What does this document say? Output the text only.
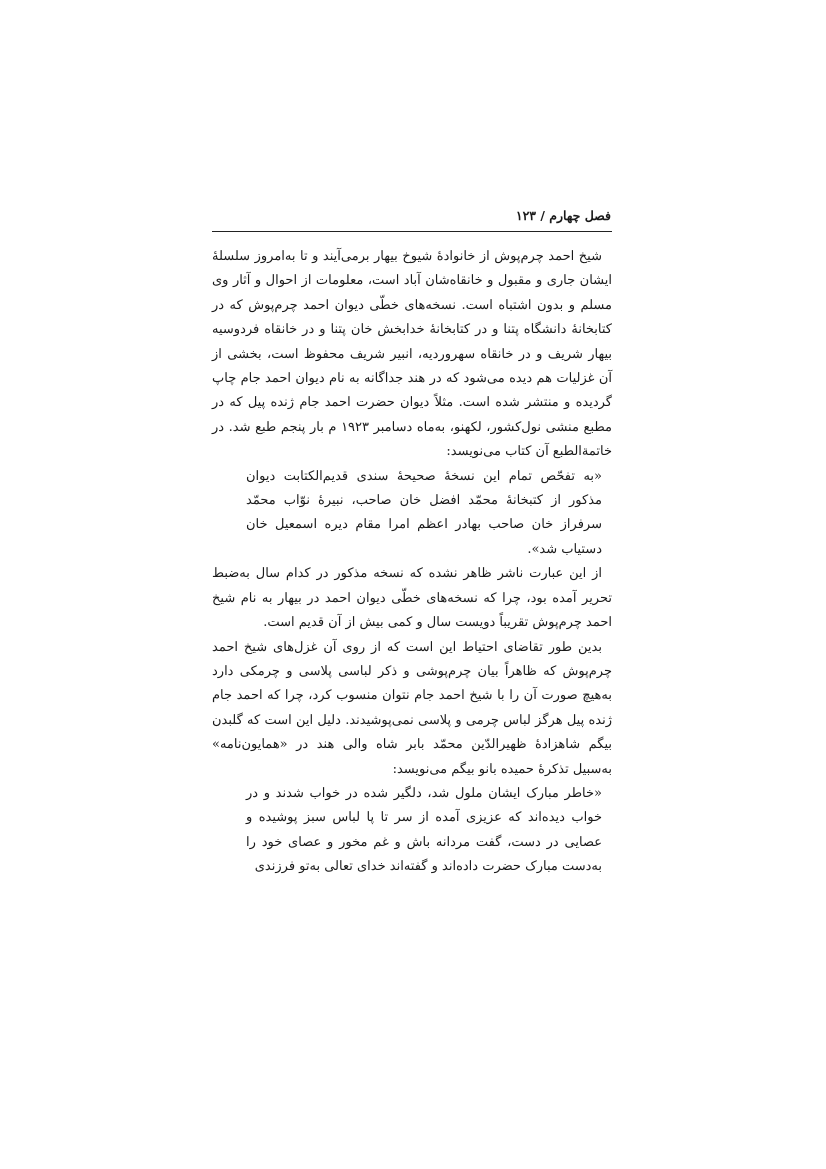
فصل چهارم / ۱۲۳

شیخ احمد چرم‌پوش از خانوادهٔ شیوخ بیهار برمی‌آیند و تا به‌امروز سلسلهٔ ایشان جاری و مقبول و خانقاه‌شان آباد است، معلومات از احوال و آثار وی مسلم و بدون اشتباه است. نسخه‌های خطّی دیوان احمد چرم‌پوش که در کتابخانهٔ دانشگاه پتنا و در کتابخانهٔ خدابخش خان پتنا و در خانقاه فردوسیه بیهار شریف و در خانقاه سهروردیه، انبیر شریف محفوظ است، بخشی از آن غزلیات هم دیده می‌شود که در هند جداگانه به نام دیوان احمد جام چاپ گردیده و منتشر شده است. مثلاً دیوان حضرت احمد جام ژنده پیل که در مطبع منشی نول‌کشور، لکهنو، به‌ماه دسامبر ۱۹۲۳ م بار پنجم طبع شد. در خاتمةالطبع آن کتاب می‌نویسد:

«به تفحّص تمام این نسخهٔ صحیحهٔ سندی قدیم‌الکتابت دیوان مذکور از کتبخانهٔ محمّد افضل خان صاحب، نبیرهٔ نوّاب محمّد سرفراز خان صاحب بهادر اعظم امرا مقام دیره اسمعیل خان دستیاب شد».

از این عبارت ناشر ظاهر نشده که نسخه مذکور در کدام سال به‌ضبط تحریر آمده بود، چرا که نسخه‌های خطّی دیوان احمد در بیهار به نام شیخ احمد چرم‌پوش تقریباً دویست سال و کمی بیش از آن قدیم است.

بدین طور تقاضای احتیاط این است که از روی آن غزل‌های شیخ احمد چرم‌پوش که ظاهراً بیان چرم‌پوشی و ذکر لباسی پلاسی و چرمکی دارد به‌هیچ صورت آن را با شیخ احمد جام نتوان منسوب کرد، چرا که احمد جام ژنده پیل هرگز لباس چرمی و پلاسی نمی‌پوشیدند. دلیل این است که گلبدن بیگم شاهزادهٔ ظهیرالدّین محمّد بابر شاه والی هند در «همایون‌نامه» به‌سبیل تذکرهٔ حمیده بانو بیگم می‌نویسد:

«خاطر مبارک ایشان ملول شد، دلگیر شده در خواب شدند و در خواب دیده‌اند که عزیزی آمده از سر تا پا لباس سبز پوشیده و عصایی در دست، گفت مردانه باش و غم مخور و عصای خود را به‌دست مبارک حضرت داده‌اند و گفته‌اند خدای تعالی به‌تو فرزندی
